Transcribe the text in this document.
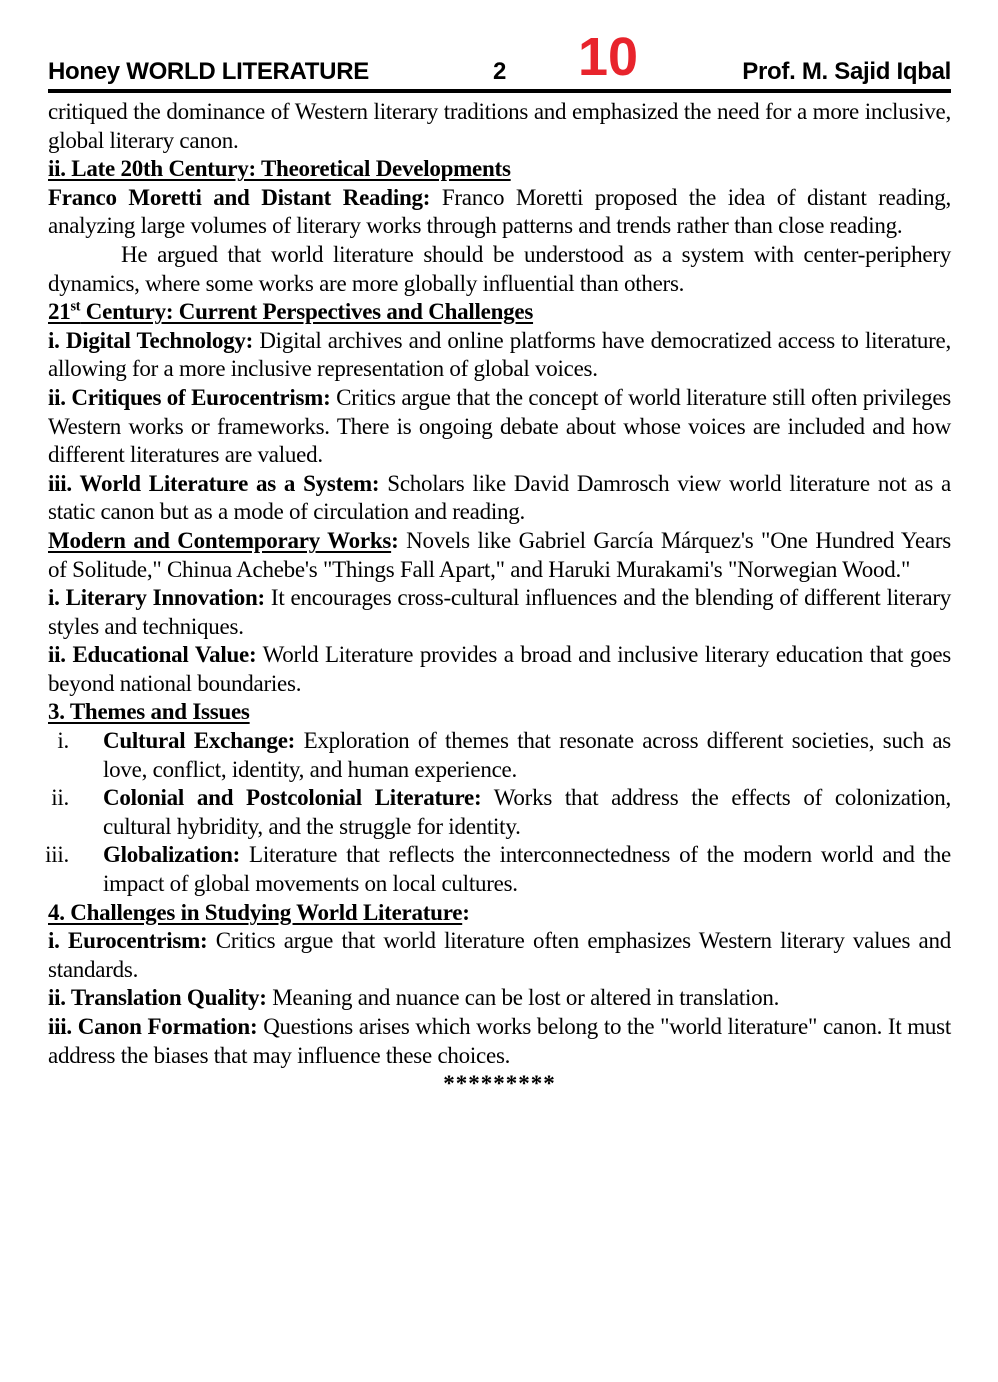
10
Honey WORLD LITERATURE	2	Prof. M. Sajid Iqbal

critiqued the dominance of Western literary traditions and emphasized the need for a more inclusive, global literary canon.

ii. Late 20th Century: Theoretical Developments

Franco Moretti and Distant Reading: Franco Moretti proposed the idea of distant reading, analyzing large volumes of literary works through patterns and trends rather than close reading.

He argued that world literature should be understood as a system with center-periphery dynamics, where some works are more globally influential than others.

21st Century: Current Perspectives and Challenges

i. Digital Technology: Digital archives and online platforms have democratized access to literature, allowing for a more inclusive representation of global voices.

ii. Critiques of Eurocentrism: Critics argue that the concept of world literature still often privileges Western works or frameworks. There is ongoing debate about whose voices are included and how different literatures are valued.

iii. World Literature as a System: Scholars like David Damrosch view world literature not as a static canon but as a mode of circulation and reading.

Modern and Contemporary Works: Novels like Gabriel García Márquez's "One Hundred Years of Solitude," Chinua Achebe's "Things Fall Apart," and Haruki Murakami's "Norwegian Wood."

i. Literary Innovation: It encourages cross-cultural influences and the blending of different literary styles and techniques.

ii. Educational Value: World Literature provides a broad and inclusive literary education that goes beyond national boundaries.

3. Themes and Issues

i. Cultural Exchange: Exploration of themes that resonate across different societies, such as love, conflict, identity, and human experience.
ii. Colonial and Postcolonial Literature: Works that address the effects of colonization, cultural hybridity, and the struggle for identity.
iii. Globalization: Literature that reflects the interconnectedness of the modern world and the impact of global movements on local cultures.

4. Challenges in Studying World Literature:

i. Eurocentrism: Critics argue that world literature often emphasizes Western literary values and standards.

ii. Translation Quality: Meaning and nuance can be lost or altered in translation.

iii. Canon Formation: Questions arises which works belong to the "world literature" canon. It must address the biases that may influence these choices.

*********
